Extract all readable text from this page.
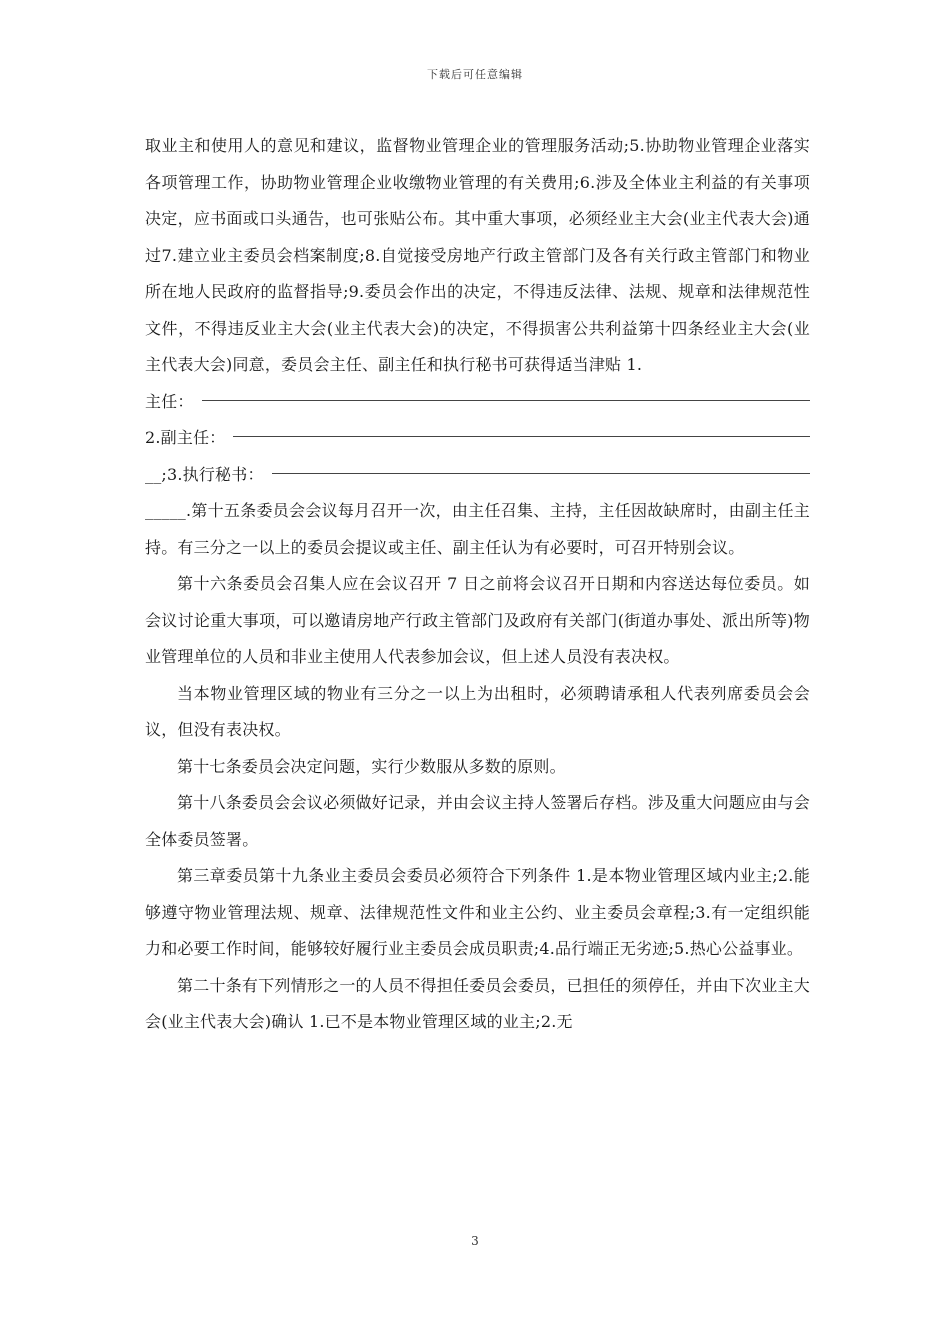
下载后可任意编辑

取业主和使用人的意见和建议，监督物业管理企业的管理服务活动;5.协助物业管理企业落实各项管理工作，协助物业管理企业收缴物业管理的有关费用;6.涉及全体业主利益的有关事项决定，应书面或口头通告，也可张贴公布。其中重大事项，必须经业主大会(业主代表大会)通过7.建立业主委员会档案制度;8.自觉接受房地产行政主管部门及各有关行政主管部门和物业所在地人民政府的监督指导;9.委员会作出的决定，不得违反法律、法规、规章和法律规范性文件，不得违反业主大会(业主代表大会)的决定，不得损害公共利益第十四条经业主大会(业主代表大会)同意，委员会主任、副主任和执行秘书可获得适当津贴 1.

主任：
2.副主任：
__;3.执行秘书：

_____.第十五条委员会会议每月召开一次，由主任召集、主持，主任因故缺席时，由副主任主持。有三分之一以上的委员会提议或主任、副主任认为有必要时，可召开特别会议。

第十六条委员会召集人应在会议召开 7 日之前将会议召开日期和内容送达每位委员。如会议讨论重大事项，可以邀请房地产行政主管部门及政府有关部门(街道办事处、派出所等)物业管理单位的人员和非业主使用人代表参加会议，但上述人员没有表决权。

当本物业管理区域的物业有三分之一以上为出租时，必须聘请承租人代表列席委员会会议，但没有表决权。

第十七条委员会决定问题，实行少数服从多数的原则。

第十八条委员会会议必须做好记录，并由会议主持人签署后存档。涉及重大问题应由与会全体委员签署。

第三章委员第十九条业主委员会委员必须符合下列条件 1.是本物业管理区域内业主;2.能够遵守物业管理法规、规章、法律规范性文件和业主公约、业主委员会章程;3.有一定组织能力和必要工作时间，能够较好履行业主委员会成员职责;4.品行端正无劣迹;5.热心公益事业。

第二十条有下列情形之一的人员不得担任委员会委员，已担任的须停任，并由下次业主大会(业主代表大会)确认 1.已不是本物业管理区域的业主;2.无

3
